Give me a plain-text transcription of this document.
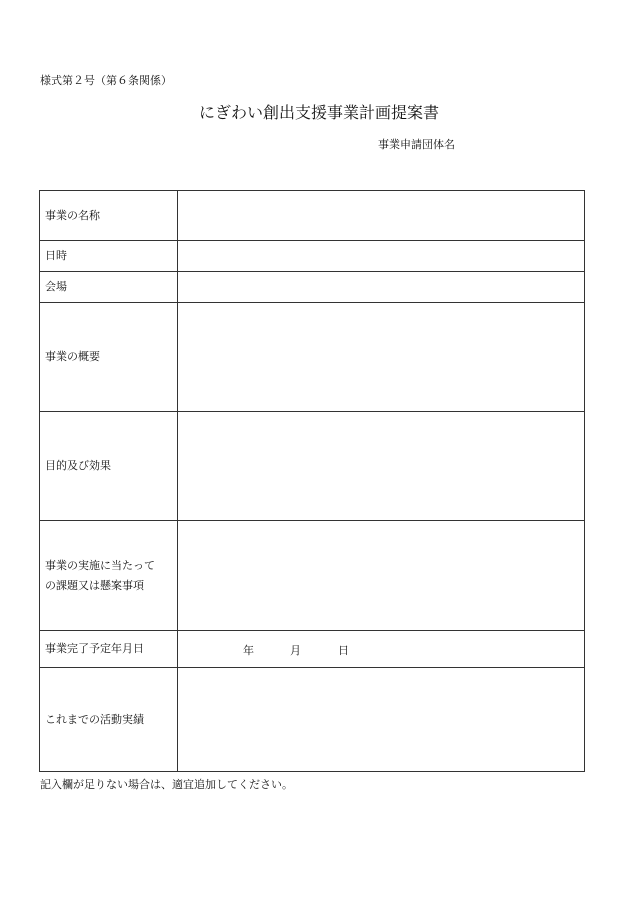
様式第２号（第６条関係）
にぎわい創出支援事業計画提案書
事業申請団体名
事業の名称	
日時	
会場	
事業の概要	
目的及び効果	

事業の実施に当たって
の課題又は懸案事項	

事業完了予定年月日	年 月 日

これまでの活動実績	
記入欄が足りない場合は、適宜追加してください。
